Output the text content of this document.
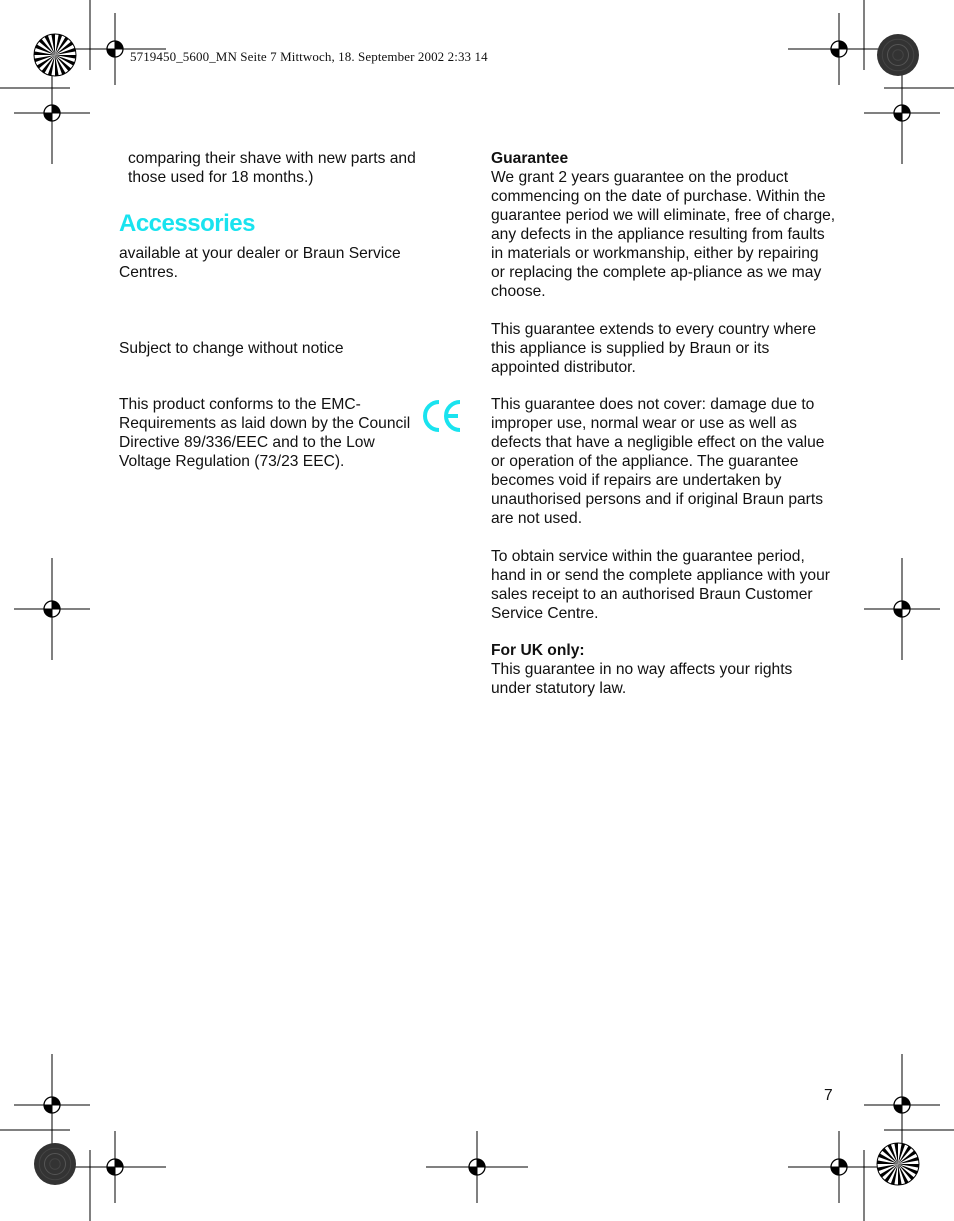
5719450_5600_MN Seite 7 Mittwoch, 18. September 2002 2:33 14
comparing their shave with new parts and those used for 18 months.)
Accessories
available at your dealer or Braun Service Centres.
Subject to change without notice
This product conforms to the EMC-Requirements as laid down by the Council Directive 89/336/EEC and to the Low Voltage Regulation (73/23 EEC).
Guarantee
We grant 2 years guarantee on the product commencing on the date of purchase. Within the guarantee period we will eliminate, free of charge, any defects in the appliance resulting from faults in materials or workmanship, either by repairing or replacing the complete ap-pliance as we may choose.
This guarantee extends to every country where this appliance is supplied by Braun or its appointed distributor.
This guarantee does not cover: damage due to improper use, normal wear or use as well as defects that have a negligible effect on the value or operation of the appliance. The guarantee becomes void if repairs are undertaken by unauthorised persons and if original Braun parts are not used.
To obtain service within the guarantee period, hand in or send the complete appliance with your sales receipt to an authorised Braun Customer Service Centre.
For UK only:
This guarantee in no way affects your rights under statutory law.
7
